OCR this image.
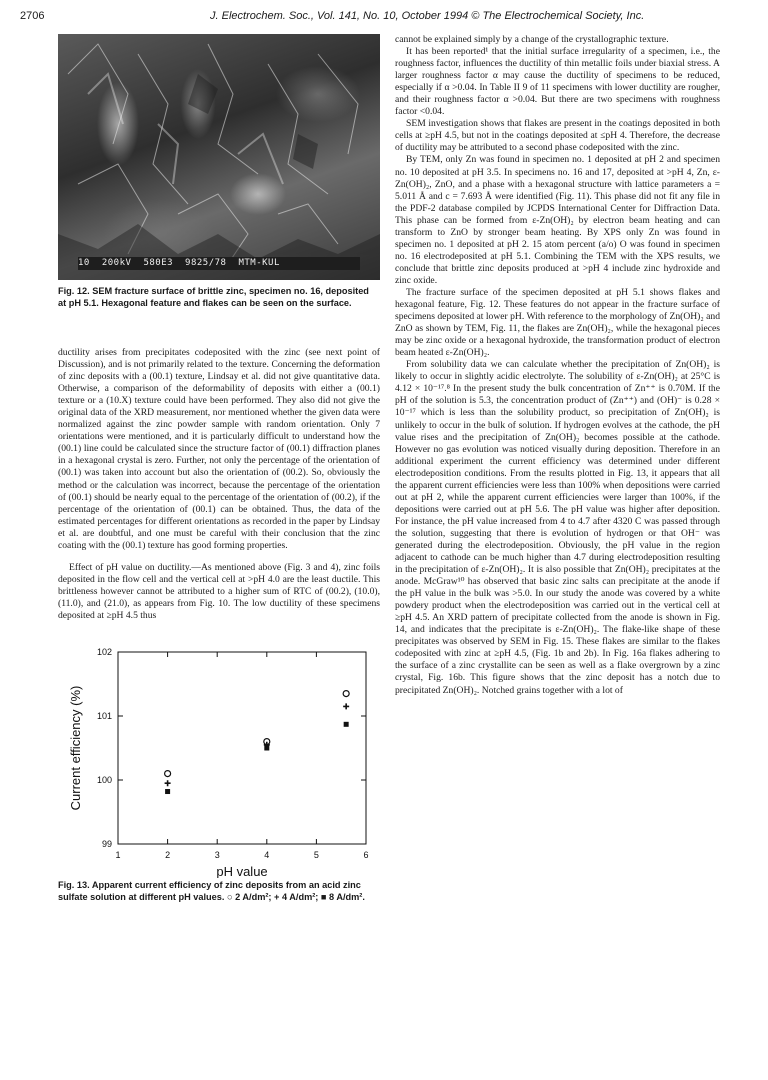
2706	J. Electrochem. Soc., Vol. 141, No. 10, October 1994 © The Electrochemical Society, Inc.
10 200kV 580E3 9825/78 MTM-KUL
Fig. 12. SEM fracture surface of brittle zinc, specimen no. 16, deposited at pH 5.1. Hexagonal feature and flakes can be seen on the surface.

ductility arises from precipitates codeposited with the zinc (see next point of Discussion), and is not primarily related to the texture. Concerning the deformation of zinc deposits with a (00.1) texture, Lindsay et al. did not give quantitative data. Otherwise, a comparison of the deformability of deposits with either a (00.1) texture or a (10.X) texture could have been performed. They also did not give the original data of the XRD measurement, nor mentioned whether the given data were normalized against the zinc powder sample with random orientation. Only 7 orientations were mentioned, and it is particularly difficult to understand how the (00.1) line could be calculated since the structure factor of (00.1) diffraction planes in a hexagonal crystal is zero. Further, not only the percentage of the orientation of (00.1) was taken into account but also the orientation of (00.2). So, obviously the method or the calculation was incorrect, because the percentage of the orientation of (00.1) should be nearly equal to the percentage of the orientation of (00.2), if the percentage of the orientation of (00.1) can be obtained. Thus, the data of the estimated percentages for different orientations as recorded in the paper by Lindsay et al. are doubtful, and one must be careful with their conclusion that the zinc coating with the (00.1) texture has good forming properties.

Effect of pH value on ductility.—As mentioned above (Fig. 3 and 4), zinc foils deposited in the flow cell and the vertical cell at >pH 4.0 are the least ductile. This brittleness however cannot be attributed to a higher sum of RTC of (00.2), (10.0), (11.0), and (21.0), as appears from Fig. 10. The low ductility of these specimens deposited at ≥pH 4.5 thus

1	2	3	4	5	6
99
100
101
102
pH value
Current efficiency (%)
Fig. 13. Apparent current efficiency of zinc deposits from an acid zinc sulfate solution at different pH values. ○ 2 A/dm²; + 4 A/dm²; ■ 8 A/dm².

cannot be explained simply by a change of the crystallographic texture.

It has been reported¹ that the initial surface irregularity of a specimen, i.e., the roughness factor, influences the ductility of thin metallic foils under biaxial stress. A larger roughness factor α may cause the ductility of specimens to be reduced, especially if α >0.04. In Table II 9 of 11 specimens with lower ductility are rougher, and their roughness factor α >0.04. But there are two specimens with roughness factor <0.04.

SEM investigation shows that flakes are present in the coatings deposited in both cells at ≥pH 4.5, but not in the coatings deposited at ≤pH 4. Therefore, the decrease of ductility may be attributed to a second phase codeposited with the zinc.

By TEM, only Zn was found in specimen no. 1 deposited at pH 2 and specimen no. 10 deposited at pH 3.5. In specimens no. 16 and 17, deposited at >pH 4, Zn, ε-Zn(OH)₂, ZnO, and a phase with a hexagonal structure with lattice parameters a = 5.011 Å and c = 7.693 Å were identified (Fig. 11). This phase did not fit any file in the PDF-2 database compiled by JCPDS International Center for Diffraction Data. This phase can be formed from ε-Zn(OH)₂ by electron beam heating and can transform to ZnO by stronger beam heating. By XPS only Zn was found in specimen no. 1 deposited at pH 2. 15 atom percent (a/o) O was found in specimen no. 16 electrodeposited at pH 5.1. Combining the TEM with the XPS results, we conclude that brittle zinc deposits produced at >pH 4 include zinc hydroxide and zinc oxide.

The fracture surface of the specimen deposited at pH 5.1 shows flakes and hexagonal feature, Fig. 12. These features do not appear in the fracture surface of specimens deposited at lower pH. With reference to the morphology of Zn(OH)₂ and ZnO as shown by TEM, Fig. 11, the flakes are Zn(OH)₂, while the hexagonal pieces may be zinc oxide or a hexagonal hydroxide, the transformation product of electron beam heated ε-Zn(OH)₂.

From solubility data we can calculate whether the precipitation of Zn(OH)₂ is likely to occur in slightly acidic electrolyte. The solubility of ε-Zn(OH)₂ at 25°C is 4.12 × 10⁻¹⁷.⁸ In the present study the bulk concentration of Zn⁺⁺ is 0.70M. If the pH of the solution is 5.3, the concentration product of (Zn⁺⁺) and (OH)⁻ is 0.28 × 10⁻¹⁷ which is less than the solubility product, so precipitation of Zn(OH)₂ is unlikely to occur in the bulk of solution. If hydrogen evolves at the cathode, the pH value rises and the precipitation of Zn(OH)₂ becomes possible at the cathode. However no gas evolution was noticed visually during deposition. Therefore in an additional experiment the current efficiency was determined under different electrodeposition conditions. From the results plotted in Fig. 13, it appears that all the apparent current efficiencies were less than 100% when depositions were carried out at pH 2, while the apparent current efficiencies were larger than 100%, if the depositions were carried out at pH 5.6. The pH value was higher after deposition. For instance, the pH value increased from 4 to 4.7 after 4320 C was passed through the solution, suggesting that there is evolution of hydrogen or that OH⁻ was generated during the electrodeposition. Obviously, the pH value in the region adjacent to cathode can be much higher than 4.7 during electrodeposition resulting in the precipitation of ε-Zn(OH)₂. It is also possible that Zn(OH)₂ precipitates at the anode. McGraw¹⁰ has observed that basic zinc salts can precipitate at the anode if the pH value in the bulk was >5.0. In our study the anode was covered by a white powdery product when the electrodeposition was carried out in the vertical cell at ≥pH 4.5. An XRD pattern of precipitate collected from the anode is shown in Fig. 14, and indicates that the precipitate is ε-Zn(OH)₂. The flake-like shape of these precipitates was observed by SEM in Fig. 15. These flakes are similar to the flakes codeposited with zinc at ≥pH 4.5, (Fig. 1b and 2b). In Fig. 16a flakes adhering to the surface of a zinc crystallite can be seen as well as a flake overgrown by a zinc crystal, Fig. 16b. This figure shows that the zinc deposit has a notch due to precipitated Zn(OH)₂. Notched grains together with a lot of
